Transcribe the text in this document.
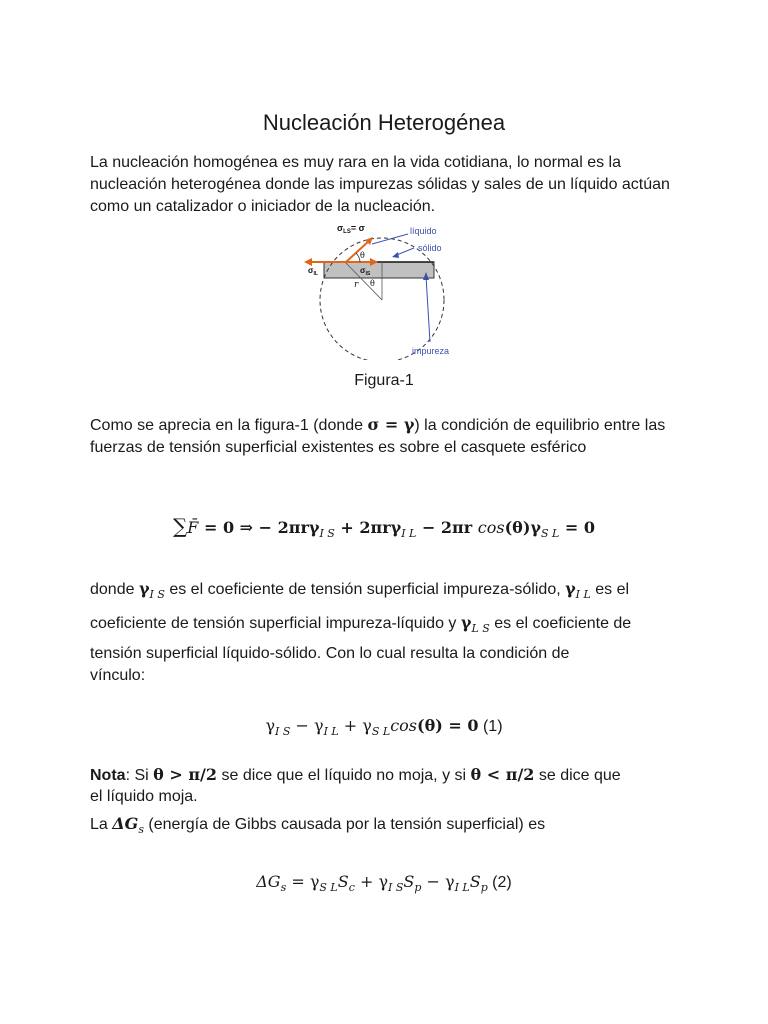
Nucleación Heterogénea
La nucleación homogénea es muy rara en la vida cotidiana, lo normal es la nucleación heterogénea donde las impurezas sólidas y sales de un líquido actúan como un catalizador o iniciador de la nucleación.
$\sigma_{LS}= \sigma$	líquido
sólido
θ
$\sigma_{IL}$	$\sigma_{IS}$
r θ
impureza
Figura-1
Como se aprecia en la figura-1 (donde σ = γ) la condición de equilibrio entre las fuerzas de tensión superficial existentes es sobre el casquete esférico
∑F̄ = 0 ⇒ − 2πrγ$_{I S}$ + 2πrγ$_{I L}$ − 2πr $\cos(\theta)\gamma_{S L} = 0$
donde $\gamma_{I S}$ es el coeficiente de tensión superficial impureza-sólido, $\gamma_{I L}$ es el
coeficiente de tensión superficial impureza-líquido y $\gamma_{L S}$ es el coeficiente de
tensión superficial líquido-sólido. Con lo cual resulta la condición de
vínculo:
$\gamma_{I S} - \gamma_{I L} + \gamma_{S L}\cos(\theta) = 0$ (1)
Nota: Si θ > π/2 se dice que el líquido no moja, y si θ < π/2 se dice que
el líquido moja.
La $\Delta G_s$ (energía de Gibbs causada por la tensión superficial) es
$\Delta G_s = \gamma_{S L}S_c + \gamma_{I S}S_p - \gamma_{I L}S_p$ (2)
